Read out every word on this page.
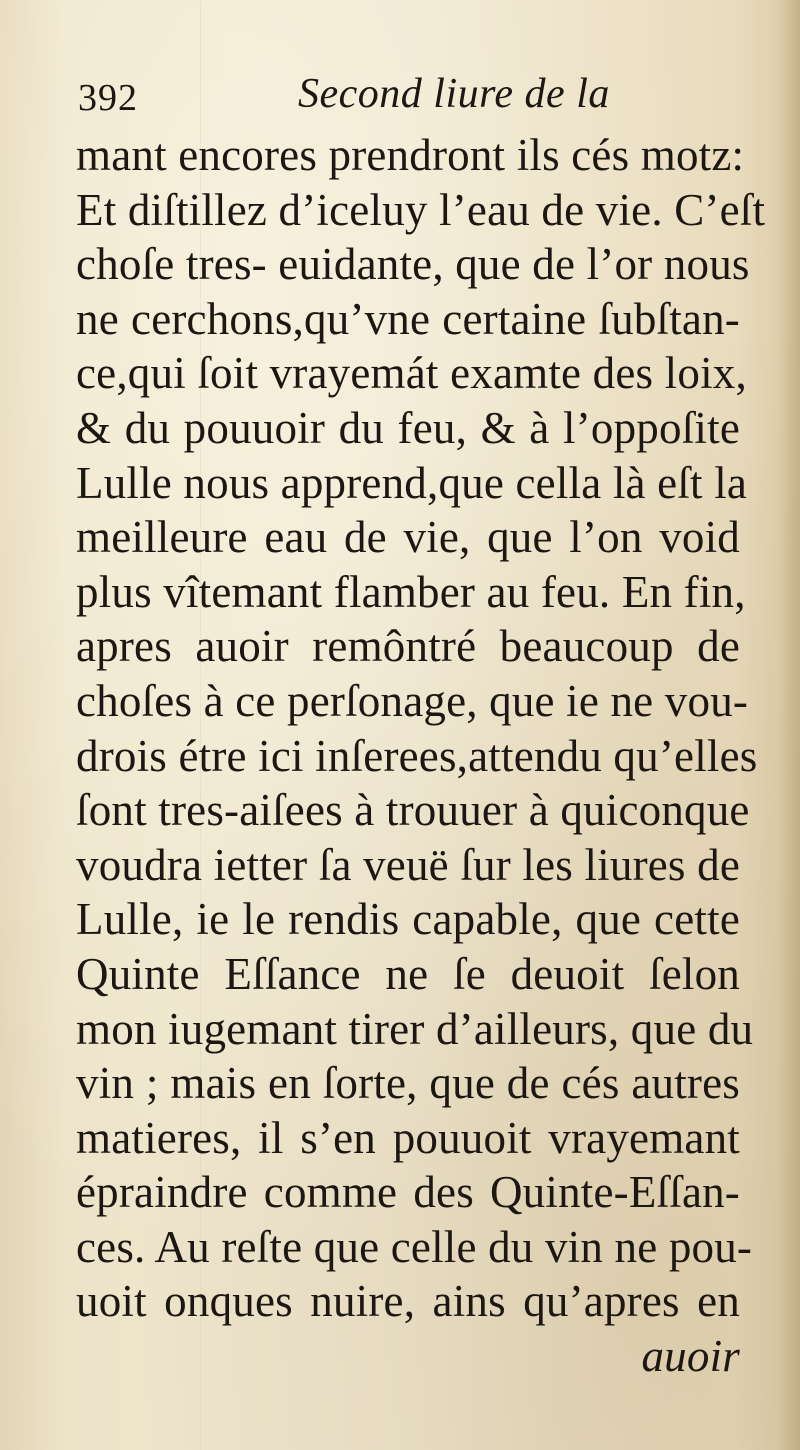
392	Second liure de la
mant encores prendront ils cés motz:
Et diſtillez d’iceluy l’eau de vie. C’eſt
choſe tres- euidante, que de l’or nous
ne cerchons,qu’vne certaine ſubſtan-
ce,qui ſoit vrayemát examte des loix,
& du pouuoir du feu, & à l’oppoſite
Lulle nous apprend,que cella là eſt la
meilleure eau de vie, que l’on void
plus vîtemant flamber au feu. En fin,
apres auoir remôntré beaucoup de
choſes à ce perſonage, que ie ne vou-
drois étre ici inſerees,attendu qu’elles
ſont tres-aiſees à trouuer à quiconque
voudra ietter ſa veuë ſur les liures de
Lulle, ie le rendis capable, que cette
Quinte Eſſance ne ſe deuoit ſelon
mon iugemant tirer d’ailleurs, que du
vin ; mais en ſorte, que de cés autres
matieres, il s’en pouuoit vrayemant
épraindre comme des Quinte-Eſſan-
ces. Au reſte que celle du vin ne pou-
uoit onques nuire, ains qu’apres en
auoir
